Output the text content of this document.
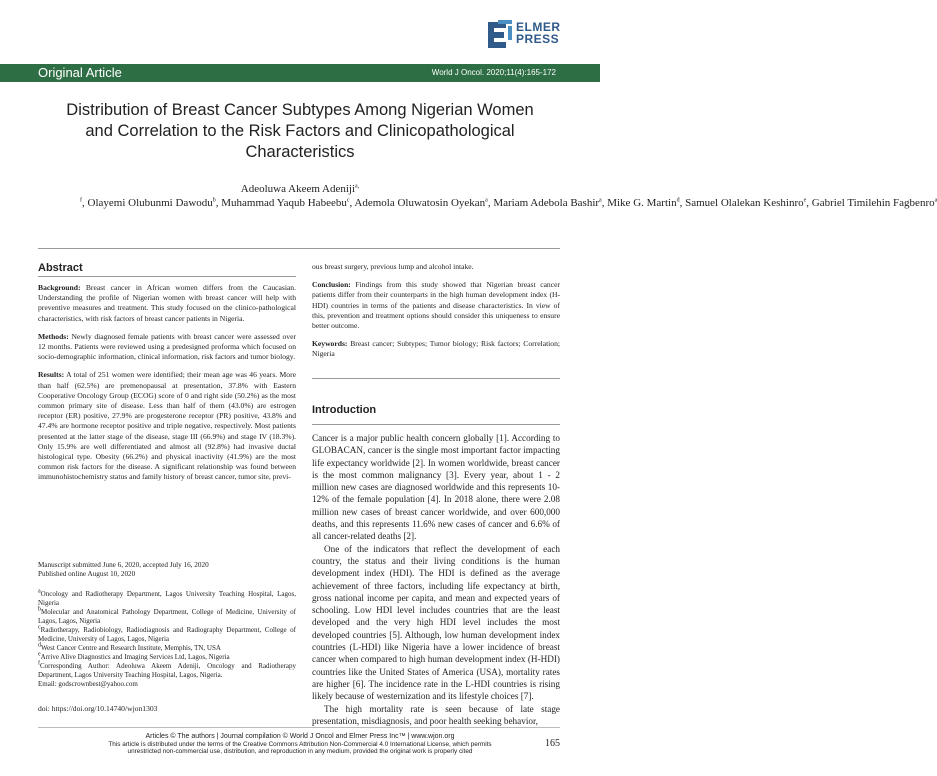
ELMER
PRESS
Original Article	World J Oncol. 2020;11(4):165-172
Distribution of Breast Cancer Subtypes Among Nigerian Women and Correlation to the Risk Factors and Clinicopathological Characteristics
Adeoluwa Akeem Adeniji$^{a, f}$, Olayemi Olubunmi Dawodu$^b$, Muhammad Yaqub Habeebu$^c$, Ademola Oluwatosin Oyekan$^a$, Mariam Adebola Bashir$^a$, Mike G. Martin$^d$, Samuel Olalekan Keshinro$^e$, Gabriel Timilehin Fagbenro$^a$
Abstract

Background: Breast cancer in African women differs from the Caucasian. Understanding the profile of Nigerian women with breast cancer will help with preventive measures and treatment. This study focused on the clinico-pathological characteristics, with risk factors of breast cancer patients in Nigeria.

Methods: Newly diagnosed female patients with breast cancer were assessed over 12 months. Patients were reviewed using a predesigned proforma which focused on socio-demographic information, clinical information, risk factors and tumor biology.

Results: A total of 251 women were identified; their mean age was 46 years. More than half (62.5%) are premenopausal at presentation, 37.8% with Eastern Cooperative Oncology Group (ECOG) score of 0 and right side (50.2%) as the most common primary site of disease. Less than half of them (43.0%) are estrogen receptor (ER) positive, 27.9% are progesterone receptor (PR) positive, 43.8% and 47.4% are hormone receptor positive and triple negative, respectively. Most patients presented at the latter stage of the disease, stage III (66.9%) and stage IV (18.3%). Only 15.9% are well differentiated and almost all (92.8%) had invasive ductal histological type. Obesity (66.2%) and physical inactivity (41.9%) are the most common risk factors for the disease. A significant relationship was found between immunohistochemistry status and family history of breast cancer, tumor site, previ-

ous breast surgery, previous lump and alcohol intake.

Conclusion: Findings from this study showed that Nigerian breast cancer patients differ from their counterparts in the high human development index (H-HDI) countries in terms of the patients and disease characteristics. In view of this, prevention and treatment options should consider this uniqueness to ensure better outcome.

Keywords: Breast cancer; Subtypes; Tumor biology; Risk factors; Correlation; Nigeria

Manuscript submitted June 6, 2020, accepted July 16, 2020
Published online August 10, 2020
$^a$Oncology and Radiotherapy Department, Lagos University Teaching Hospital, Lagos, Nigeria
$^b$Molecular and Anatomical Pathology Department, College of Medicine, University of Lagos, Lagos, Nigeria
$^c$Radiotherapy, Radiobiology, Radiodiagnosis and Radiography Department, College of Medicine, University of Lagos, Lagos, Nigeria
$^d$West Cancer Centre and Research Institute, Memphis, TN, USA
$^e$Arrive Alive Diagnostics and Imaging Services Ltd, Lagos, Nigeria
$^f$Corresponding Author: Adeoluwa Akeem Adeniji, Oncology and Radiotherapy Department, Lagos University Teaching Hospital, Lagos, Nigeria.
Email: godscrownbest@yahoo.com
doi: https://doi.org/10.14740/wjon1303
Introduction

Cancer is a major public health concern globally [1]. According to GLOBACAN, cancer is the single most important factor impacting life expectancy worldwide [2]. In women worldwide, breast cancer is the most common malignancy [3]. Every year, about 1 - 2 million new cases are diagnosed worldwide and this represents 10-12% of the female population [4]. In 2018 alone, there were 2.08 million new cases of breast cancer worldwide, and over 600,000 deaths, and this represents 11.6% new cases of cancer and 6.6% of all cancer-related deaths [2].

One of the indicators that reflect the development of each country, the status and their living conditions is the human development index (HDI). The HDI is defined as the average achievement of three factors, including life expectancy at birth, gross national income per capita, and mean and expected years of schooling. Low HDI level includes countries that are the least developed and the very high HDI level includes the most developed countries [5]. Although, low human development index countries (L-HDI) like Nigeria have a lower incidence of breast cancer when compared to high human development index (H-HDI) countries like the United States of America (USA), mortality rates are higher [6]. The incidence rate in the L-HDI countries is rising likely because of westernization and its lifestyle choices [7].

The high mortality rate is seen because of late stage presentation, misdiagnosis, and poor health seeking behavior,

Articles © The authors | Journal compilation © World J Oncol and Elmer Press Inc™ | www.wjon.org
This article is distributed under the terms of the Creative Commons Attribution Non-Commercial 4.0 International License, which permits
unrestricted non-commercial use, distribution, and reproduction in any medium, provided the original work is properly cited
165
